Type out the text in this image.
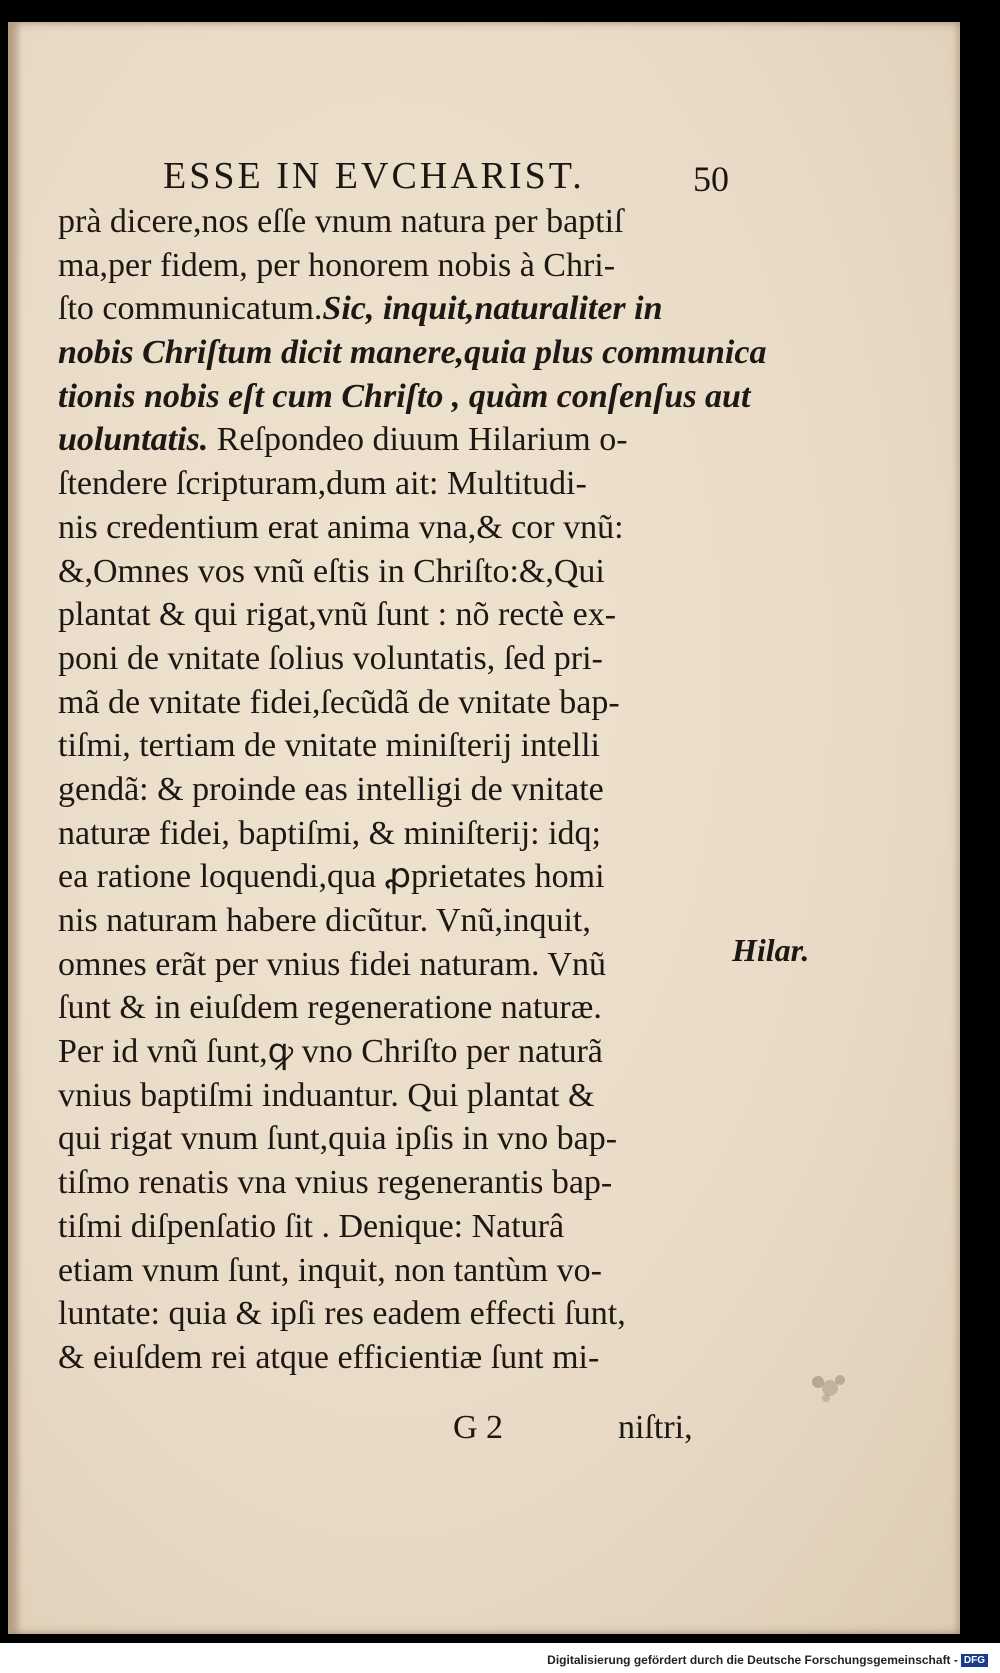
ESSE IN EVCHARIST.	50
prà dicere,nos eſſe vnum natura per baptiſ
ma,per fidem, per honorem nobis à Chri-
ſto communicatum.Sic, inquit,naturaliter in
nobis Chriſtum dicit manere,quia plus communica
tionis nobis eſt cum Chriſto , quàm conſenſus aut
uoluntatis. Reſpondeo diuum Hilarium o-
ſtendere ſcripturam,dum ait: Multitudi-
nis credentium erat anima vna,& cor vnũ:
&,Omnes vos vnũ eſtis in Chriſto:&,Qui
plantat & qui rigat,vnũ ſunt : nõ rectè ex-
poni de vnitate ſolius voluntatis, ſed pri-
mã de vnitate fidei,ſecũdã de vnitate bap-
tiſmi, tertiam de vnitate miniſterij intelli
gendã: & proinde eas intelligi de vnitate
naturæ fidei, baptiſmi, & miniſterij: idq;
ea ratione loquendi,qua ꝓprietates homi
nis naturam habere dicũtur. Vnũ,inquit,
omnes erãt per vnius fidei naturam. Vnũ
ſunt & in eiuſdem regeneratione naturæ.
Per id vnũ ſunt,ꝙ vno Chriſto per naturã
vnius baptiſmi induantur. Qui plantat &
qui rigat vnum ſunt,quia ipſis in vno bap-
tiſmo renatis vna vnius regenerantis bap-
tiſmi diſpenſatio ſit . Denique: Naturâ
etiam vnum ſunt, inquit, non tantùm vo-
luntate: quia & ipſi res eadem effecti ſunt,
& eiuſdem rei atque efficientiæ ſunt mi-
Hilar.
G 2	niſtri,
Digitalisierung gefördert durch die Deutsche Forschungsgemeinschaft - DFG
